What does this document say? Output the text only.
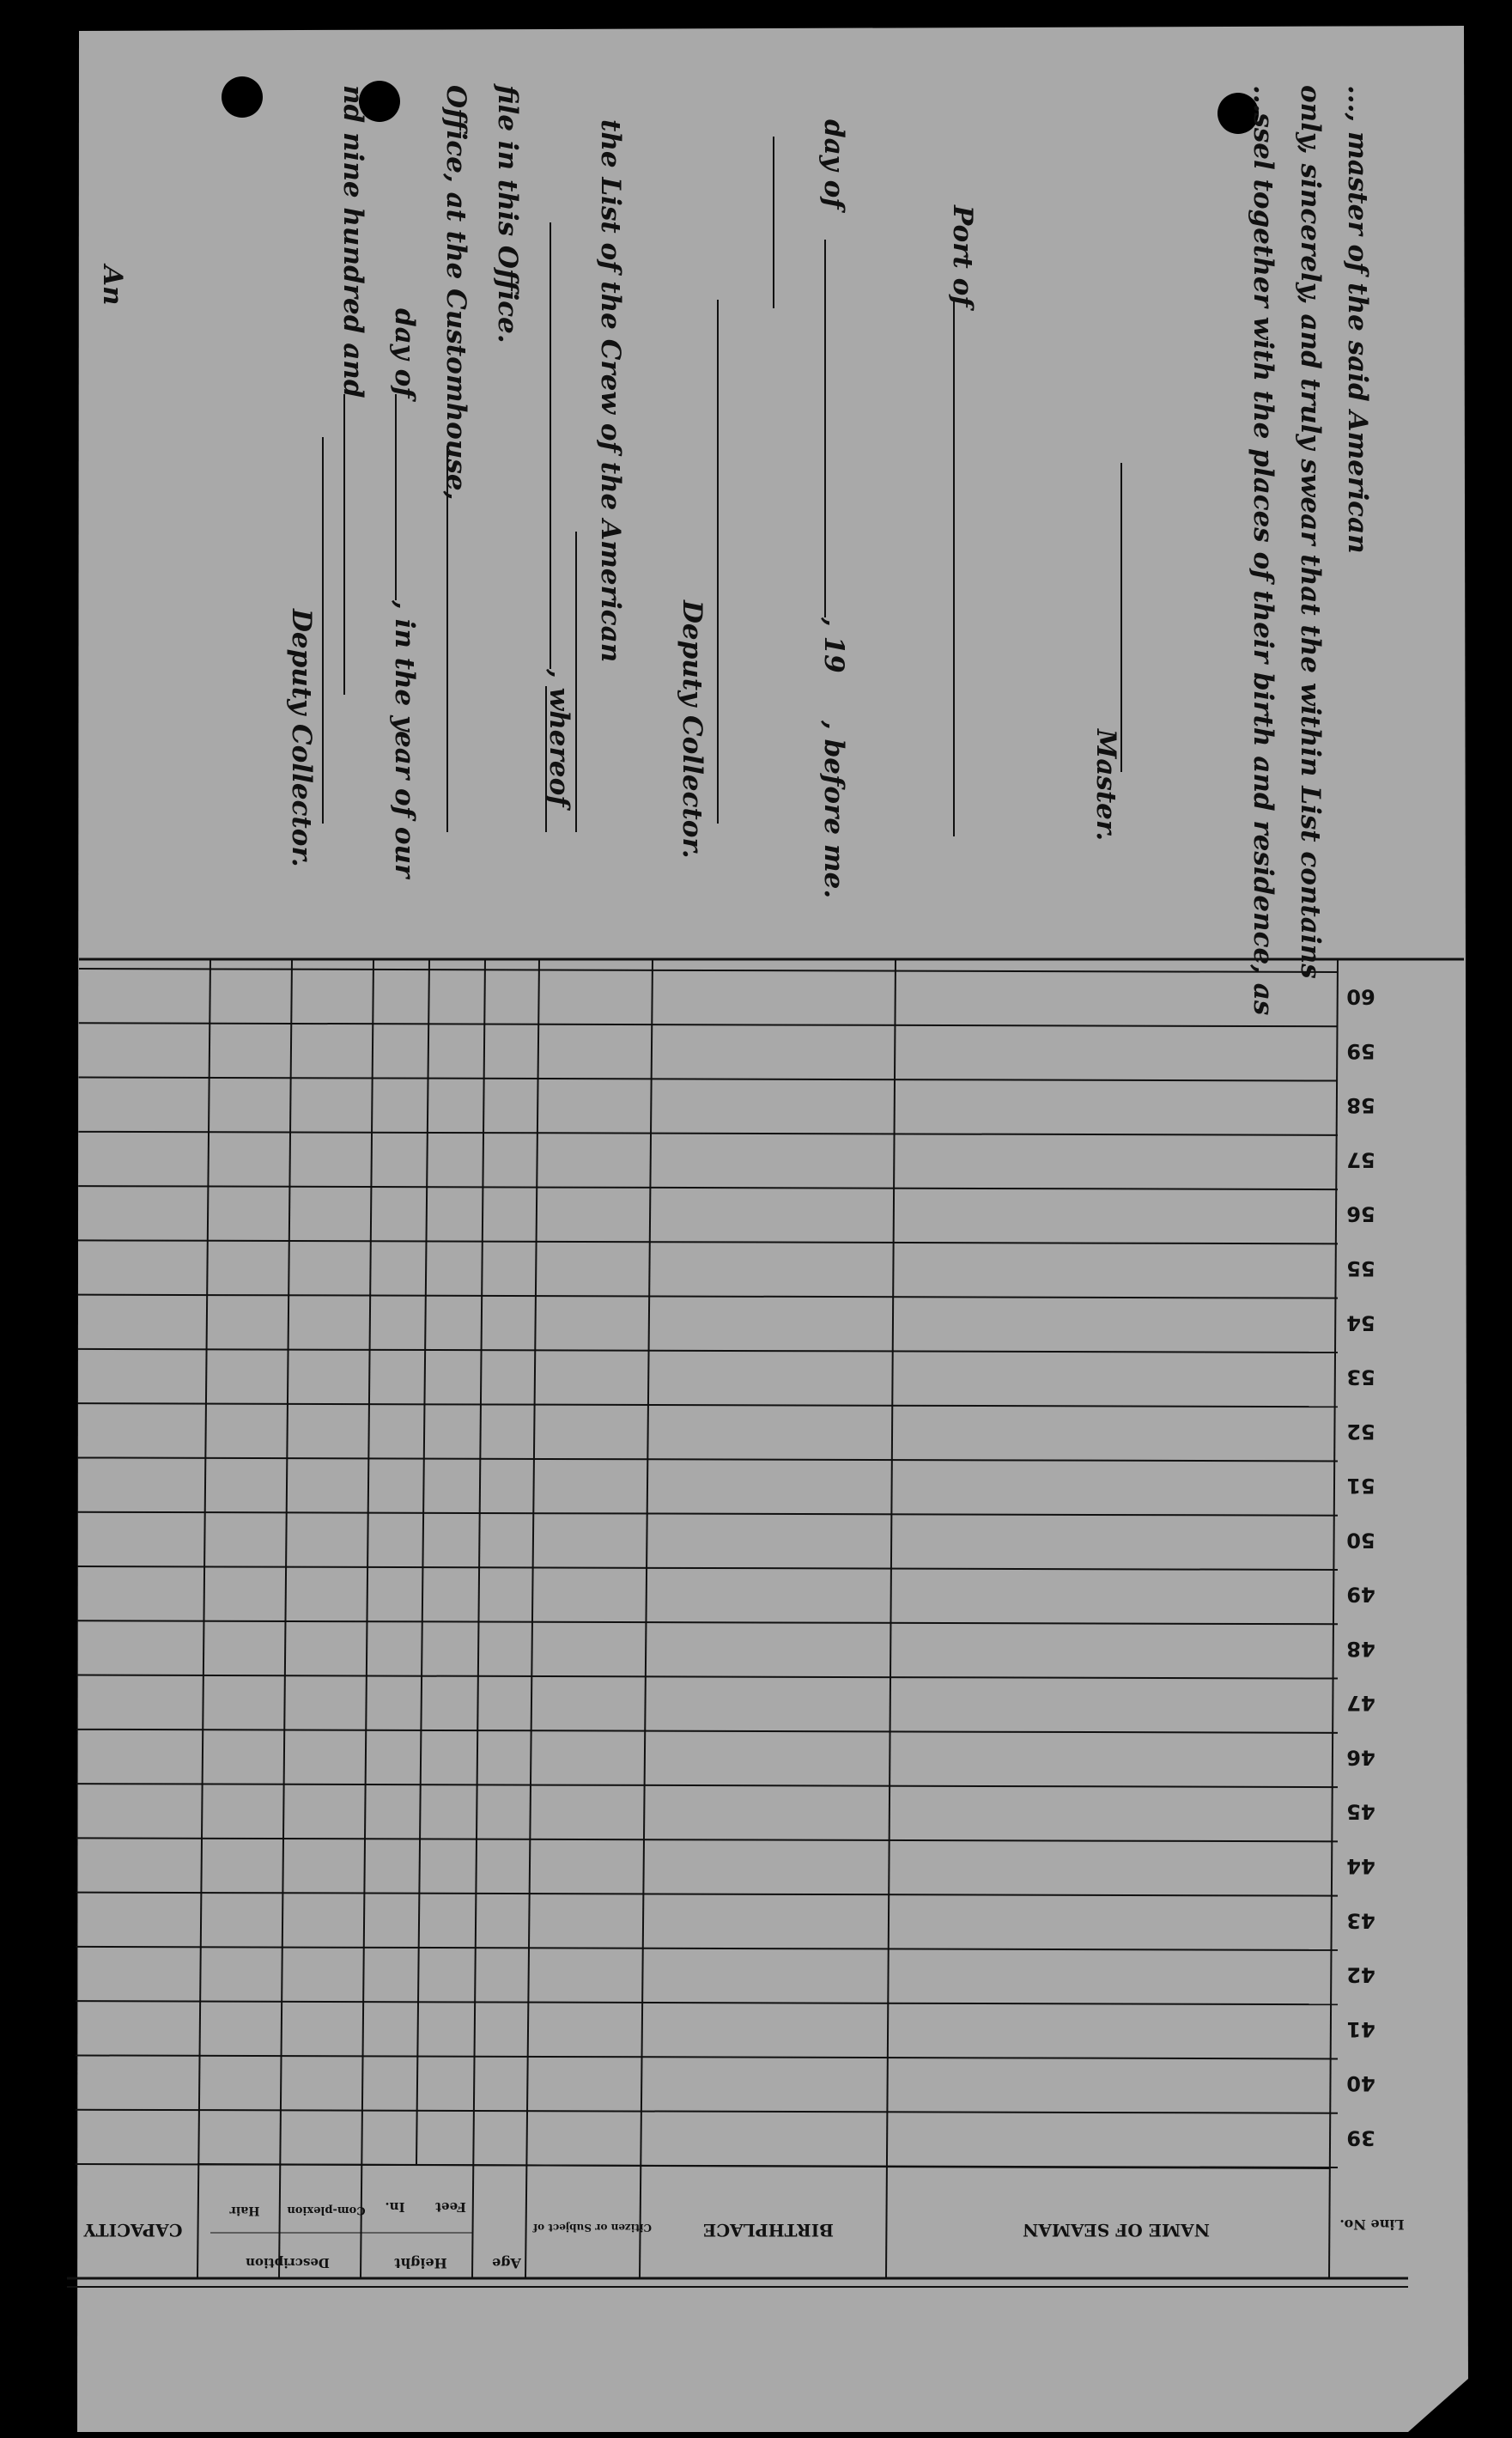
..., master of the said American
only, sincerely, and truly swear that the within List contains
...ssel together with the places of their birth and residence, as
Master.
Port of
day of
, 19
, before me.
Deputy Collector.
the List of the Crew of the American
, whereof
file in this Office.
Office, at the Customhouse,
day of
, in the year of our
nd nine hundred and
Deputy Collector.
An
60
59
58
57
56
55
54
53
52
51
50
49
48
47
46
45
44
43
42
41
40
39
Line No.
NAME OF SEAMAN
BIRTHPLACE
Citizen or Subject of
Age
Height
Feet
In.
Description
Com-plexion
Hair
CAPACITY
